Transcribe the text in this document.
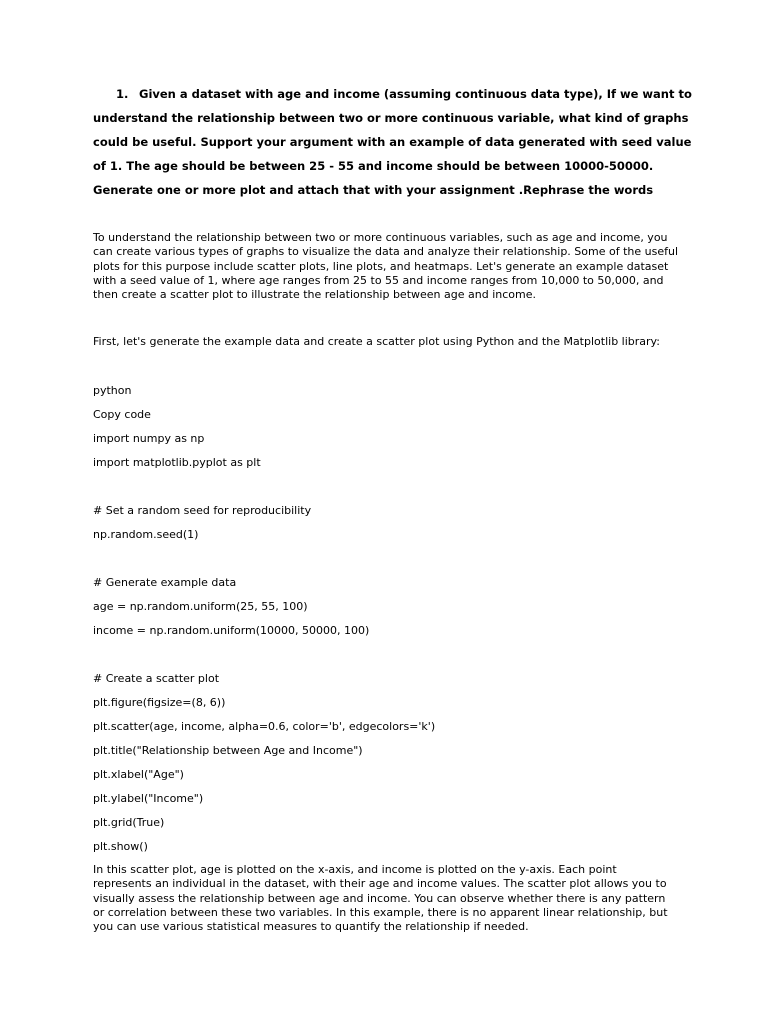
1. Given a dataset with age and income (assuming continuous data type), If we want to
understand the relationship between two or more continuous variable, what kind of graphs
could be useful. Support your argument with an example of data generated with seed value
of 1. The age should be between 25 - 55 and income should be between 10000-50000.
Generate one or more plot and attach that with your assignment .Rephrase the words
To understand the relationship between two or more continuous variables, such as age and income, you can create various types of graphs to visualize the data and analyze their relationship. Some of the useful plots for this purpose include scatter plots, line plots, and heatmaps. Let's generate an example dataset with a seed value of 1, where age ranges from 25 to 55 and income ranges from 10,000 to 50,000, and then create a scatter plot to illustrate the relationship between age and income.
First, let's generate the example data and create a scatter plot using Python and the Matplotlib library:
python
Copy code
import numpy as np
import matplotlib.pyplot as plt
# Set a random seed for reproducibility
np.random.seed(1)
# Generate example data
age = np.random.uniform(25, 55, 100)
income = np.random.uniform(10000, 50000, 100)
# Create a scatter plot
plt.figure(figsize=(8, 6))
plt.scatter(age, income, alpha=0.6, color='b', edgecolors='k')
plt.title("Relationship between Age and Income")
plt.xlabel("Age")
plt.ylabel("Income")
plt.grid(True)
plt.show()
In this scatter plot, age is plotted on the x-axis, and income is plotted on the y-axis. Each point represents an individual in the dataset, with their age and income values. The scatter plot allows you to visually assess the relationship between age and income. You can observe whether there is any pattern or correlation between these two variables. In this example, there is no apparent linear relationship, but you can use various statistical measures to quantify the relationship if needed.
